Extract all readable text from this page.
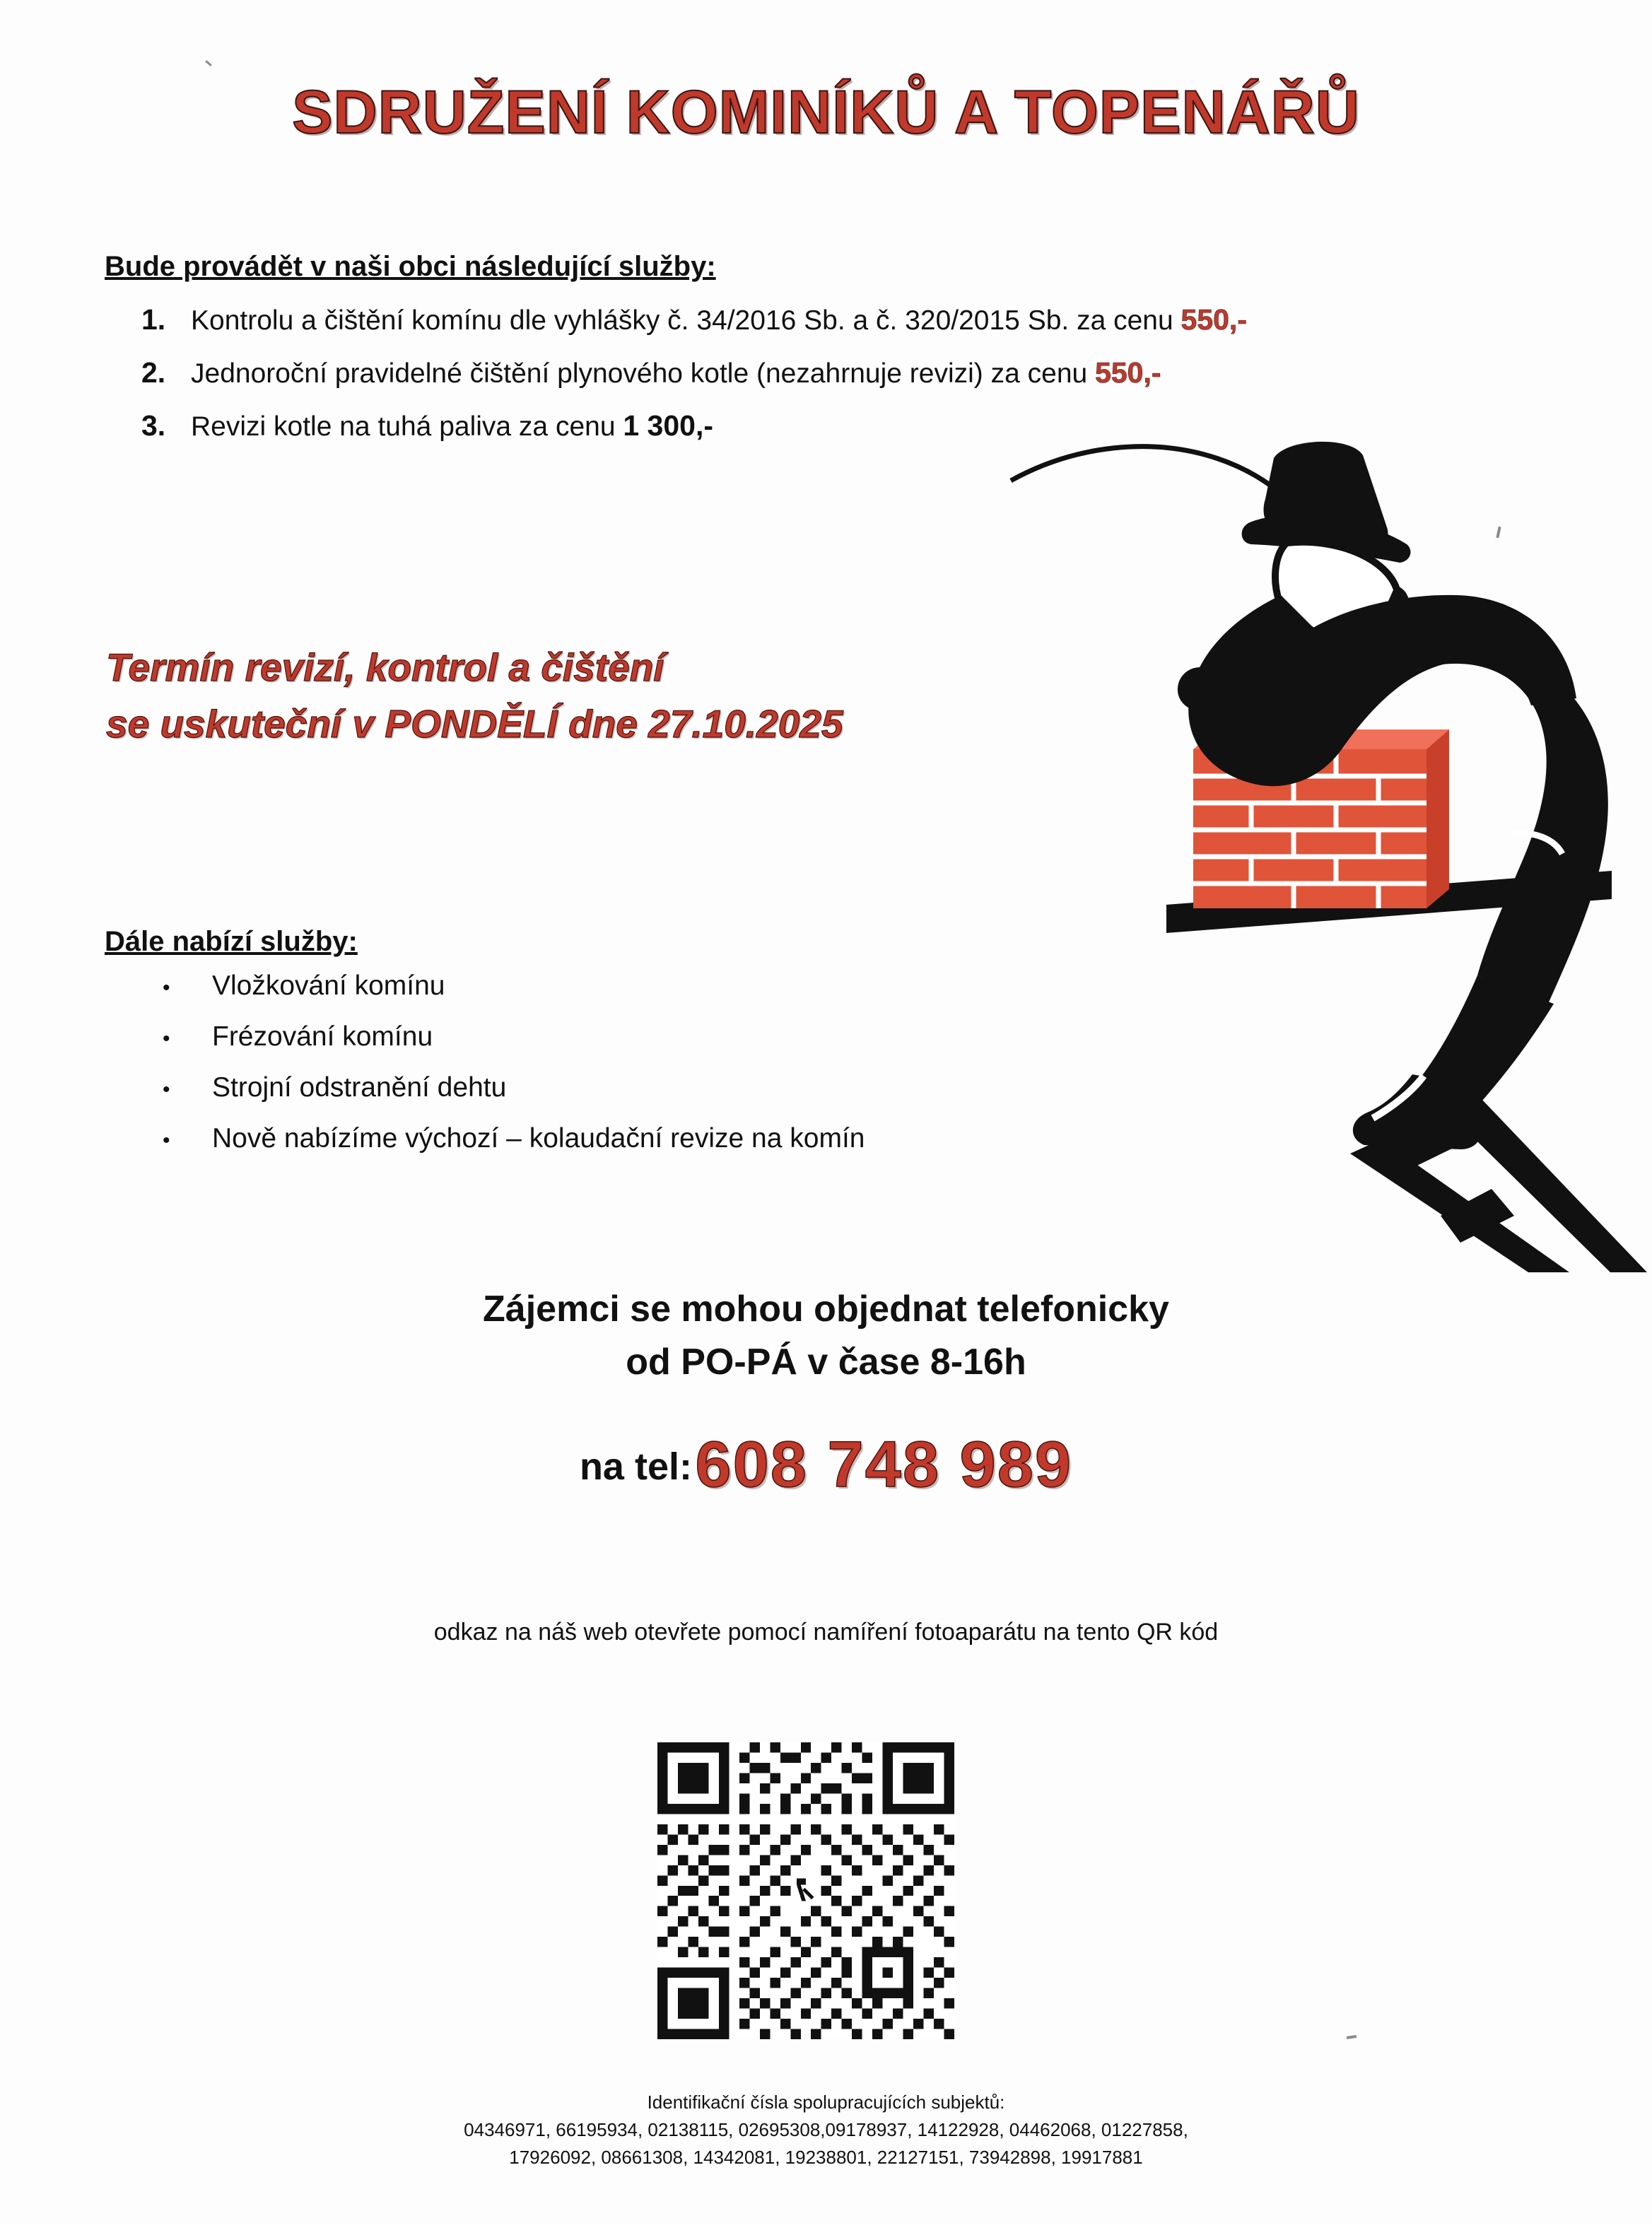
SDRUŽENÍ KOMINÍKŮ A TOPENÁŘŮ
Bude provádět v naši obci následující služby:
1. Kontrolu a čištění komínu dle vyhlášky č. 34/2016 Sb. a č. 320/2015 Sb. za cenu 550,-
2. Jednoroční pravidelné čištění plynového kotle (nezahrnuje revizi) za cenu 550,-
3. Revizi kotle na tuhá paliva za cenu 1 300,-
Termín revizí, kontrol a čištění
se uskuteční v PONDĚLÍ dne 27.10.2025
Dále nabízí služby:
•	Vložkování komínu
•	Frézování komínu
•	Strojní odstranění dehtu
•	Nově nabízíme výchozí – kolaudační revize na komín
Zájemci se mohou objednat telefonicky
od PO-PÁ v čase 8-16h
na tel: 608 748 989
odkaz na náš web otevřete pomocí namíření fotoaparátu na tento QR kód
Identifikační čísla spolupracujících subjektů:
04346971, 66195934, 02138115, 02695308,09178937, 14122928, 04462068, 01227858,
17926092, 08661308, 14342081, 19238801, 22127151, 73942898, 19917881
